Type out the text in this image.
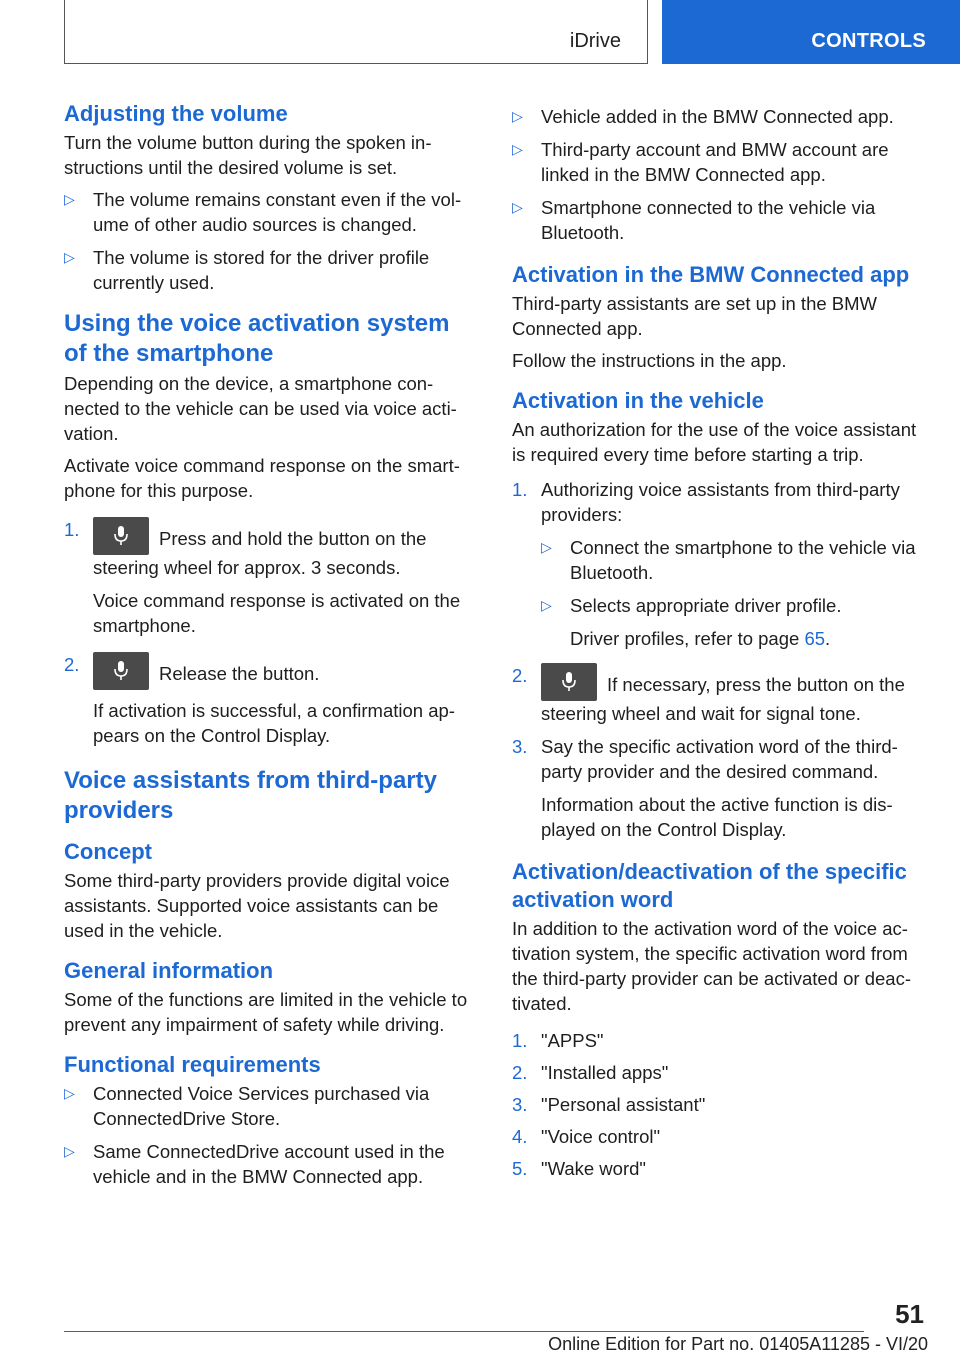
iDrive	CONTROLS
Adjusting the volume

Turn the volume button during the spoken in-structions until the desired volume is set.

▷ The volume remains constant even if the vol-ume of other audio sources is changed.
▷ The volume is stored for the driver profile currently used.
Using the voice activation system of the smartphone

Depending on the device, a smartphone con-nected to the vehicle can be used via voice acti-vation.

Activate voice command response on the smart-phone for this purpose.

1.	Press and hold the button on the steering wheel for approx. 3 seconds.
Voice command response is activated on the smartphone.
2.	Release the button.
If activation is successful, a confirmation ap-pears on the Control Display.
Voice assistants from third-party providers
Concept

Some third-party providers provide digital voice assistants. Supported voice assistants can be used in the vehicle.

General information

Some of the functions are limited in the vehicle to prevent any impairment of safety while driving.

Functional requirements
▷ Connected Voice Services purchased via ConnectedDrive Store.
▷ Same ConnectedDrive account used in the vehicle and in the BMW Connected app.
▷ Vehicle added in the BMW Connected app.
▷ Third-party account and BMW account are linked in the BMW Connected app.
▷ Smartphone connected to the vehicle via Bluetooth.
Activation in the BMW Connected app

Third-party assistants are set up in the BMW Connected app.

Follow the instructions in the app.

Activation in the vehicle

An authorization for the use of the voice assistant is required every time before starting a trip.

1. Authorizing voice assistants from third-party providers:
▷ Connect the smartphone to the vehicle via Bluetooth.
▷ Selects appropriate driver profile.
Driver profiles, refer to page 65.
2.	If necessary, press the button on the steering wheel and wait for signal tone.
3. Say the specific activation word of the third-party provider and the desired command.
Information about the active function is dis-played on the Control Display.
Activation/deactivation of the specific activation word

In addition to the activation word of the voice ac-tivation system, the specific activation word from the third-party provider can be activated or deac-tivated.

1. "APPS"
2. "Installed apps"
3. "Personal assistant"
4. "Voice control"
5. "Wake word"
51
Online Edition for Part no. 01405A11285 - VI/20
